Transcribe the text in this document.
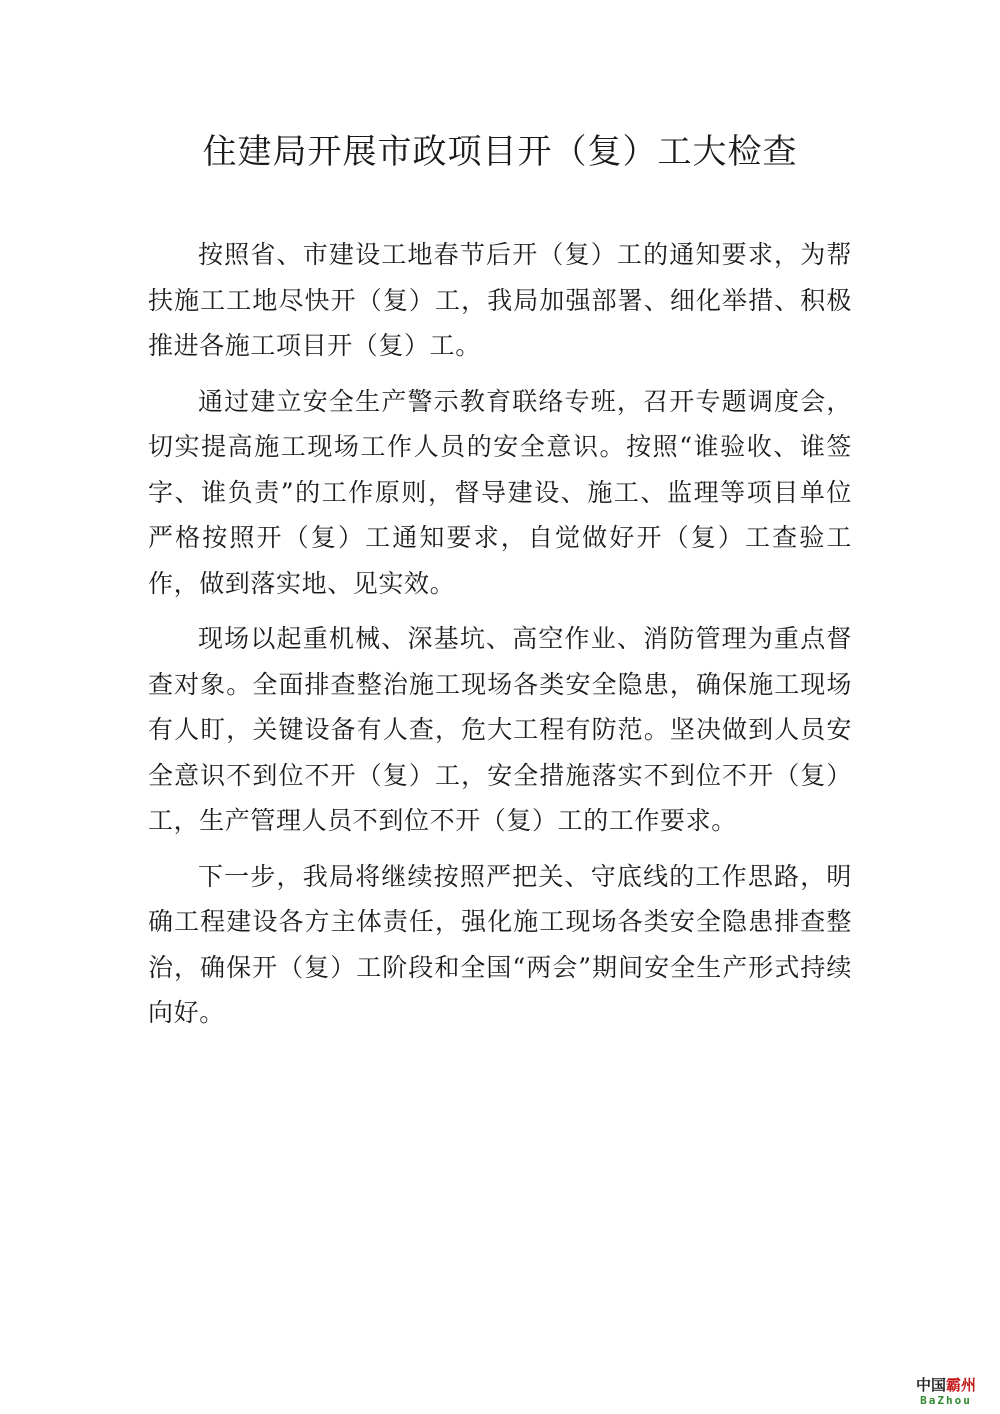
住建局开展市政项目开（复）工大检查

按照省、市建设工地春节后开（复）工的通知要求，为帮扶施工工地尽快开（复）工，我局加强部署、细化举措、积极推进各施工项目开（复）工。

通过建立安全生产警示教育联络专班，召开专题调度会，切实提高施工现场工作人员的安全意识。按照“谁验收、谁签字、谁负责”的工作原则，督导建设、施工、监理等项目单位严格按照开（复）工通知要求，自觉做好开（复）工查验工作，做到落实地、见实效。

现场以起重机械、深基坑、高空作业、消防管理为重点督查对象。全面排查整治施工现场各类安全隐患，确保施工现场有人盯，关键设备有人查，危大工程有防范。坚决做到人员安全意识不到位不开（复）工，安全措施落实不到位不开（复）工，生产管理人员不到位不开（复）工的工作要求。

下一步，我局将继续按照严把关、守底线的工作思路，明确工程建设各方主体责任，强化施工现场各类安全隐患排查整治，确保开（复）工阶段和全国“两会”期间安全生产形式持续向好。

中国霸州
BaZhou
